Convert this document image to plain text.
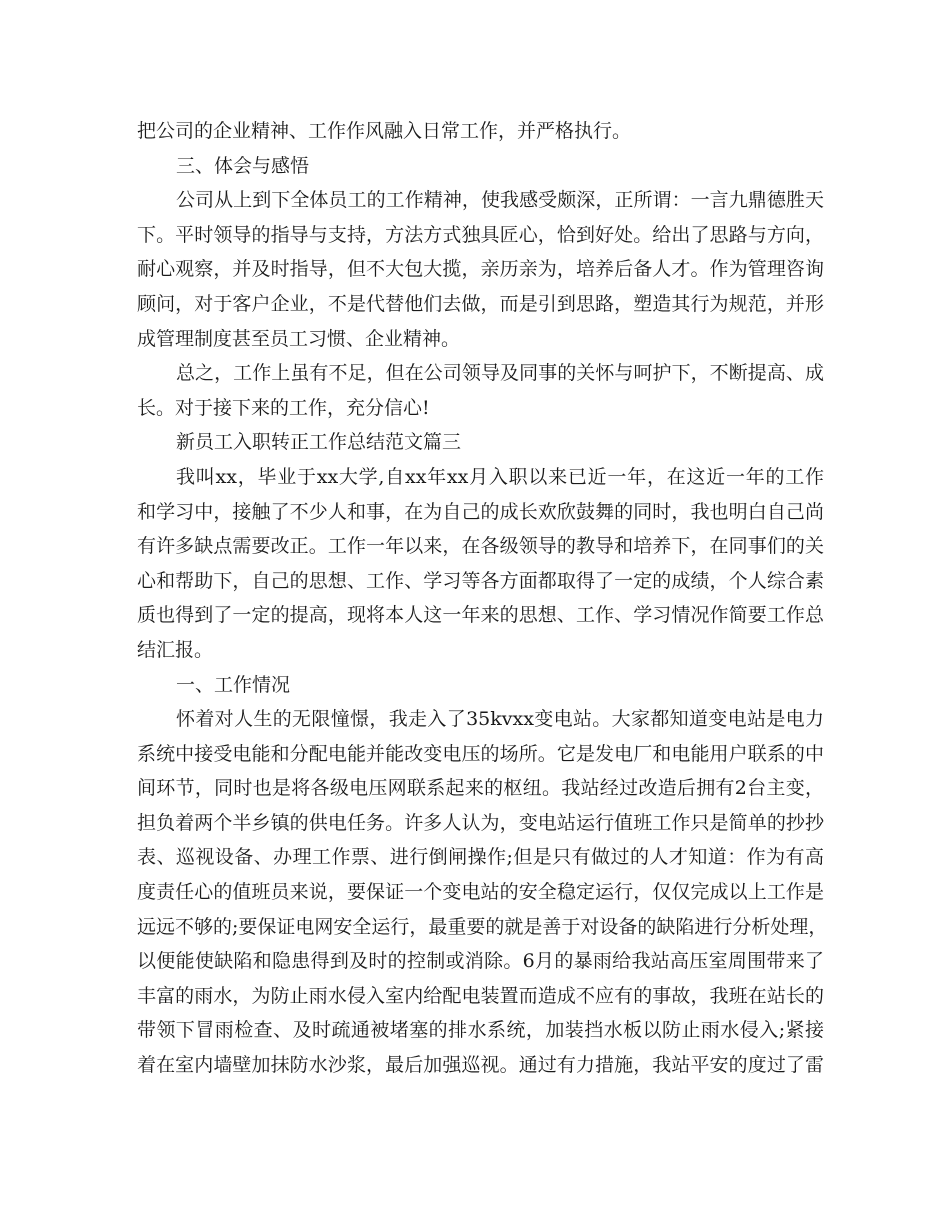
把公司的企业精神、工作作风融入日常工作，并严格执行。
三、体会与感悟
公司从上到下全体员工的工作精神，使我感受颇深，正所谓：一言九鼎德胜天
下。平时领导的指导与支持，方法方式独具匠心，恰到好处。给出了思路与方向，
耐心观察，并及时指导，但不大包大揽，亲历亲为，培养后备人才。作为管理咨询
顾问，对于客户企业，不是代替他们去做，而是引到思路，塑造其行为规范，并形
成管理制度甚至员工习惯、企业精神。
总之，工作上虽有不足，但在公司领导及同事的关怀与呵护下，不断提高、成
长。对于接下来的工作，充分信心!
新员工入职转正工作总结范文篇三
我叫xx，毕业于xx大学,自xx年xx月入职以来已近一年，在这近一年的工作
和学习中，接触了不少人和事，在为自己的成长欢欣鼓舞的同时，我也明白自己尚
有许多缺点需要改正。工作一年以来，在各级领导的教导和培养下，在同事们的关
心和帮助下，自己的思想、工作、学习等各方面都取得了一定的成绩，个人综合素
质也得到了一定的提高，现将本人这一年来的思想、工作、学习情况作简要工作总
结汇报。
一、工作情况
怀着对人生的无限憧憬，我走入了35kvxx变电站。大家都知道变电站是电力
系统中接受电能和分配电能并能改变电压的场所。它是发电厂和电能用户联系的中
间环节，同时也是将各级电压网联系起来的枢纽。我站经过改造后拥有2台主变，
担负着两个半乡镇的供电任务。许多人认为，变电站运行值班工作只是简单的抄抄
表、巡视设备、办理工作票、进行倒闸操作;但是只有做过的人才知道：作为有高
度责任心的值班员来说，要保证一个变电站的安全稳定运行，仅仅完成以上工作是
远远不够的;要保证电网安全运行，最重要的就是善于对设备的缺陷进行分析处理，
以便能使缺陷和隐患得到及时的控制或消除。6月的暴雨给我站高压室周围带来了
丰富的雨水，为防止雨水侵入室内给配电装置而造成不应有的事故，我班在站长的
带领下冒雨检查、及时疏通被堵塞的排水系统，加装挡水板以防止雨水侵入;紧接
着在室内墙壁加抹防水沙浆，最后加强巡视。通过有力措施，我站平安的度过了雷
